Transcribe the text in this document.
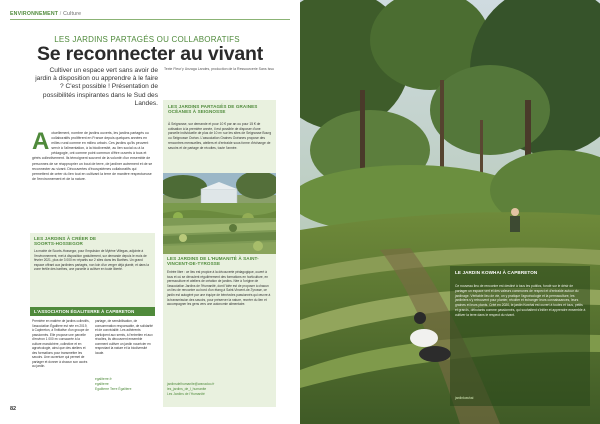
ENVIRONNEMENT / Culture
LES JARDINS PARTAGÉS OU COLLABORATIFS
Se reconnecter au vivant
Cultiver un espace vert sans avoir de jardin à disposition ou apprendre à le faire ? C'est possible ! Présentation de possibilités inspirantes dans le Sud des Landes.
Texte Fleur'y Unzaga Landes, production de la Ressourcerie Sans Issu
A ctuellement, nombre de jardins ouverts, les jardins partagés ou collaboratifs prolifèrent en France depuis quelques années en milieu rural comme en milieu urbain. Ces jardins qu'ils peuvent servir à l'alimentation, à la biodiversité, au lien social ou à la pédagogie, ont comme point commun d'être ouverts à tous et gérés collectivement. Ils témoignent souvent de la volonté d'un ensemble de personnes de se réapproprier un bout de terre, de jardiner autrement et de se reconnecter au vivant. Découvertes d'écosystèmes collaboratifs qui permettent de créer du lien tout en cultivant la terre de manière respectueuse de l'environnement et de la nature.
LES JARDINS PARTAGÉS DE GRAINES OCÉANES À SEIGNOSSE
À Seignosse, sur demande et pour 10 € par an ou pour 15 € de cotisation à la première année, il est possible de disposer d'une parcelle individuelle de plus de 10 m² sur les sites de Seignosse Bourg ou Seignosse Océan. L'association Graines Océanes propose des rencontres mensuelles, ateliers et d'entraide sous forme d'échange de savoirs et de partage de récoltes, toute l'année.
LES JARDINS À CRÉER DE SOORTS-HOSSEGOR
La mairie de Soorts-Hossegor, pour l'impulsion de Mylène Villegas, adjointe à l'environnement, met à disposition gratuitement, sur demande depuis le mois de février 2021, plus de 3 000 m² répartis sur 2 sites dans les Barthes. Un grand espace offrant aux jardiniers partagés, non loin d'un verger déjà planté, et dans la zone fertile des barthes, une parcelle à cultiver en toute liberté.
L'ASSOCIATION ÉGALITERRE À CAPBRETON
Première en matière de jardins collectifs, l'association Égalitere est née en 2019, à Capbreton, à l'initiative d'un groupe de passionnés. Elle propose une parcelle d'environ 1 000 m² consacrée à la culture maraîchère, collective et en agroécologie, ainsi que des ateliers et des formations pour transmettre les savoirs. Une ouverture qui permet de partager et donner à chacun son accès au jardin.
partage, de sensibilisation, de consommation responsable, de solidarité et de convivialité. Les adhérents participent aux semis, à l'entretien et aux récoltes, ils découvrent ensemble comment cultiver un jardin nourricier en respectant la nature et la biodiversité locale.
egaliterre.fr
egaliterre
Egaliterre Terre Égalitere
LES JARDINS DE L'HUMANITÉ À SAINT-VINCENT-DE-TYROSSE
Entrée libre : ce lieu est propice à la découverte pédagogique, ouvert à tous et où se déroulent régulièrement des formations en horticulture, en permaculture et ateliers de création de jardins. Née à l'origine de l'association Jardins de l'Humanité, dont l'idée est de proposer à chacun un lieu de rencontre au bord d'un étang à Saint-Vincent-de-Tyrosse, ce jardin est autogéré par une équipe de bénévoles passionnés qui œuvre à la transmission des savoirs, pour préserver la nature, recréer du lien et accompagner les gens vers une autonomie alimentaire.
jardinsdelhumanite@wanadoo.fr
les_jardins_de_l_humanite
Les Jardins de l'Humanité
82
LE JARDIN KOWHAI À CAPBRETON
Ce nouveau lieu de rencontre est destiné à tous les publics, fondé sur le désir de partager un espace vert et des valeurs communes de respect et d'entraide autour du jardinage. Véritable lieu de vie, on y pratique l'agroécologie et la permaculture, les jardiniers s'y retrouvent pour planter, récolter et échanger leurs connaissances, leurs graines et leurs plants. Créé en 2020, le jardin Kowhai est ouvert à toutes et tous, petits et grands, débutants comme passionnés, qui souhaitent s'initier et apprendre ensemble à cultiver la terre dans le respect du vivant.
jardinkowhai
